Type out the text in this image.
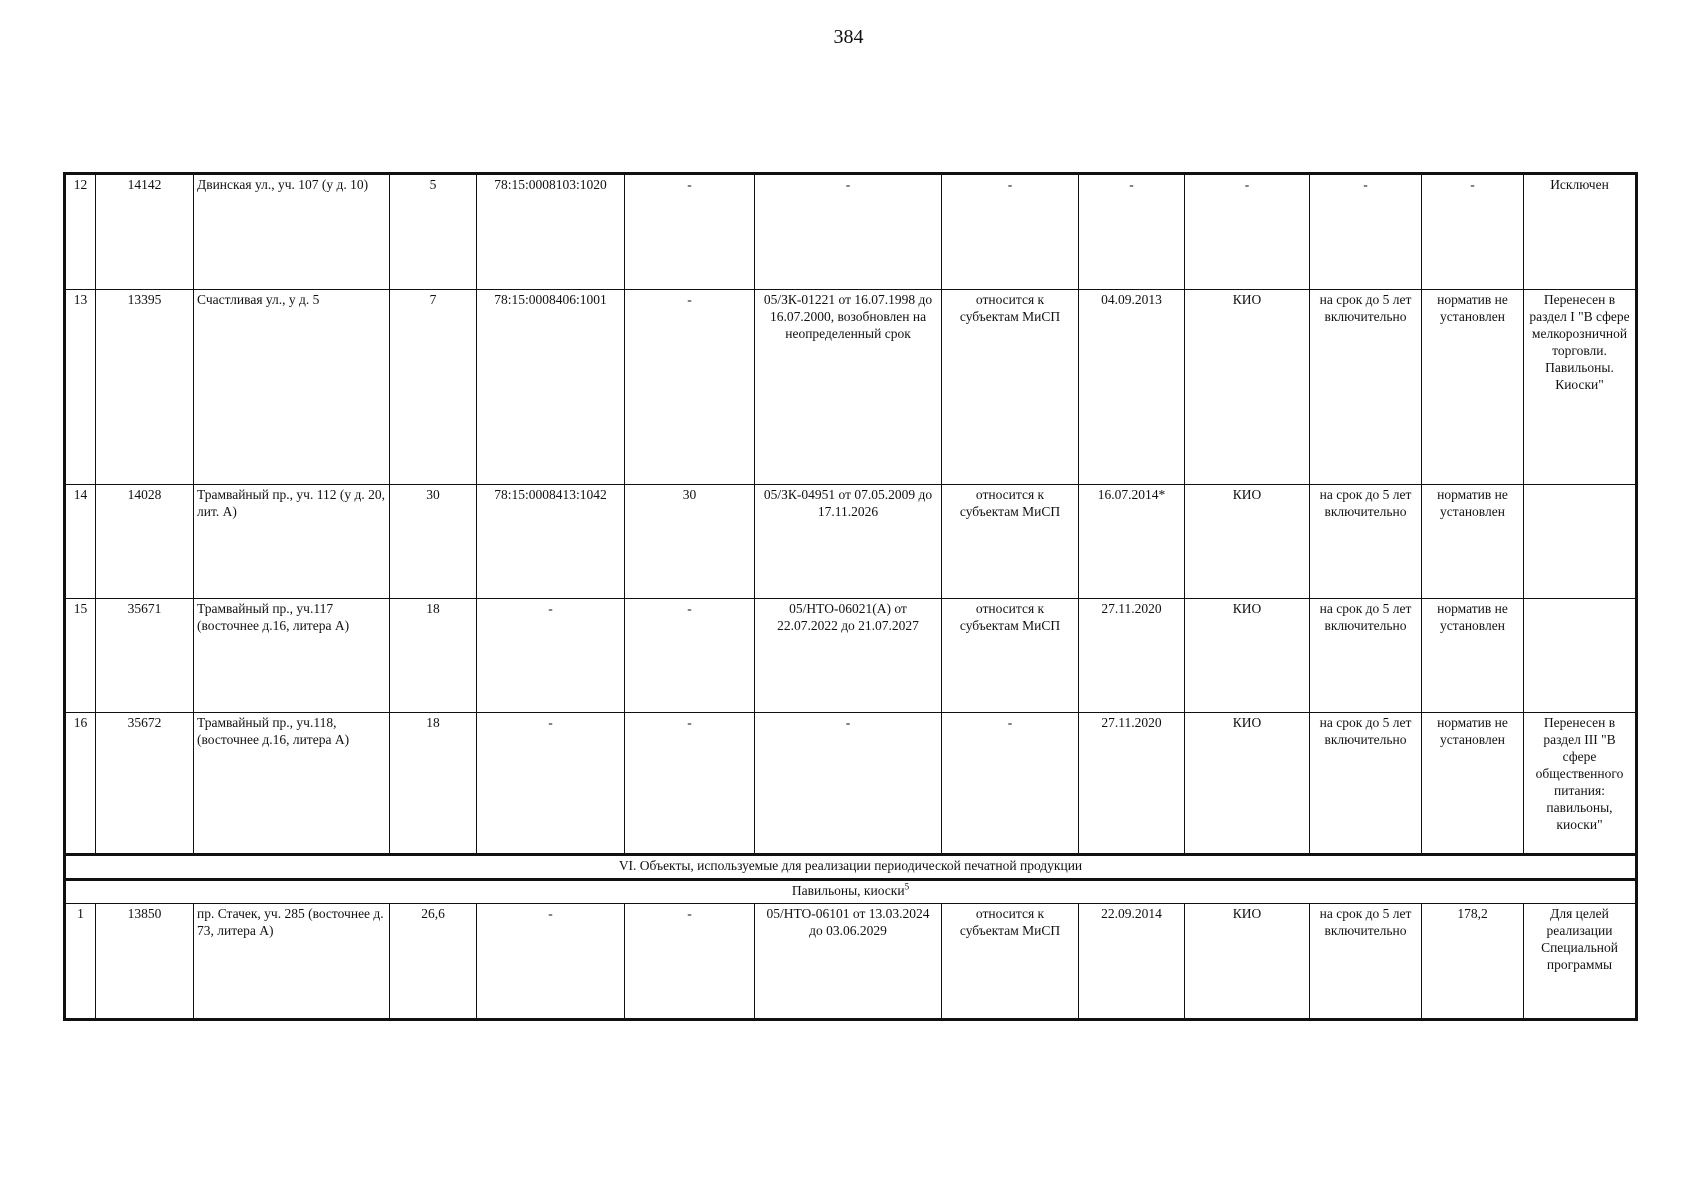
384
12	14142	Двинская ул., уч. 107 (у д. 10)	5	78:15:0008103:1020	-	-	-	-	-	-	-	Исключен
13	13395	Счастливая ул., у д. 5	7	78:15:0008406:1001	-	05/ЗК-01221 от 16.07.1998 до 16.07.2000, возобновлен на неопределенный срок	относится к субъектам МиСП	04.09.2013	КИО	на срок до 5 лет включительно	норматив не установлен	Перенесен в раздел I "В сфере мелкорозничной торговли. Павильоны. Киоски"
14	14028	Трамвайный пр., уч. 112 (у д. 20, лит. А)	30	78:15:0008413:1042	30	05/ЗК-04951 от 07.05.2009 до 17.11.2026	относится к субъектам МиСП	16.07.2014*	КИО	на срок до 5 лет включительно	норматив не установлен	
15	35671	Трамвайный пр., уч.117 (восточнее д.16, литера А)	18	-	-	05/НТО-06021(А) от 22.07.2022 до 21.07.2027	относится к субъектам МиСП	27.11.2020	КИО	на срок до 5 лет включительно	норматив не установлен	
16	35672	Трамвайный пр., уч.118, (восточнее д.16, литера А)	18	-	-	-	-	27.11.2020	КИО	на срок до 5 лет включительно	норматив не установлен	Перенесен в раздел III "В сфере общественного питания: павильоны, киоски"
VI. Объекты, используемые для реализации периодической печатной продукции												
Павильоны, киоски$^5$
1	13850	пр. Стачек, уч. 285 (восточнее д. 73, литера А)	26,6	-	-	05/НТО-06101 от 13.03.2024 до 03.06.2029	относится к субъектам МиСП	22.09.2014	КИО	на срок до 5 лет включительно	178,2	Для целей реализации Специальной программы
